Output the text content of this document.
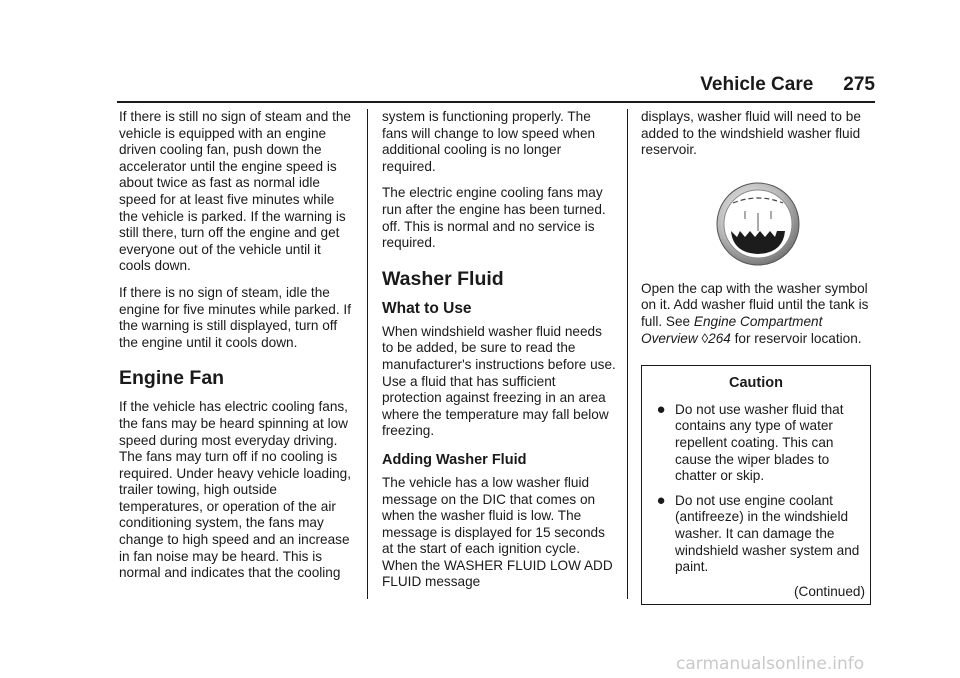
Vehicle Care 275

If there is still no sign of steam and the vehicle is equipped with an engine driven cooling fan, push down the accelerator until the engine speed is about twice as fast as normal idle speed for at least five minutes while the vehicle is parked. If the warning is still there, turn off the engine and get everyone out of the vehicle until it cools down.

If there is no sign of steam, idle the engine for five minutes while parked. If the warning is still displayed, turn off the engine until it cools down.

Engine Fan

If the vehicle has electric cooling fans, the fans may be heard spinning at low speed during most everyday driving. The fans may turn off if no cooling is required. Under heavy vehicle loading, trailer towing, high outside temperatures, or operation of the air conditioning system, the fans may change to high speed and an increase in fan noise may be heard. This is normal and indicates that the cooling

system is functioning properly. The fans will change to low speed when additional cooling is no longer required.

The electric engine cooling fans may run after the engine has been turned. off. This is normal and no service is required.

Washer Fluid
What to Use

When windshield washer fluid needs to be added, be sure to read the manufacturer's instructions before use. Use a fluid that has sufficient protection against freezing in an area where the temperature may fall below freezing.

Adding Washer Fluid

The vehicle has a low washer fluid message on the DIC that comes on when the washer fluid is low. The message is displayed for 15 seconds at the start of each ignition cycle. When the WASHER FLUID LOW ADD FLUID message

displays, washer fluid will need to be added to the windshield washer fluid reservoir.

Open the cap with the washer symbol on it. Add washer fluid until the tank is full. See Engine Compartment Overview ◊264 for reservoir location.

Caution
● Do not use washer fluid that contains any type of water repellent coating. This can cause the wiper blades to chatter or skip.
● Do not use engine coolant (antifreeze) in the windshield washer. It can damage the windshield washer system and paint.
(Continued)
carmanualsonline.info
